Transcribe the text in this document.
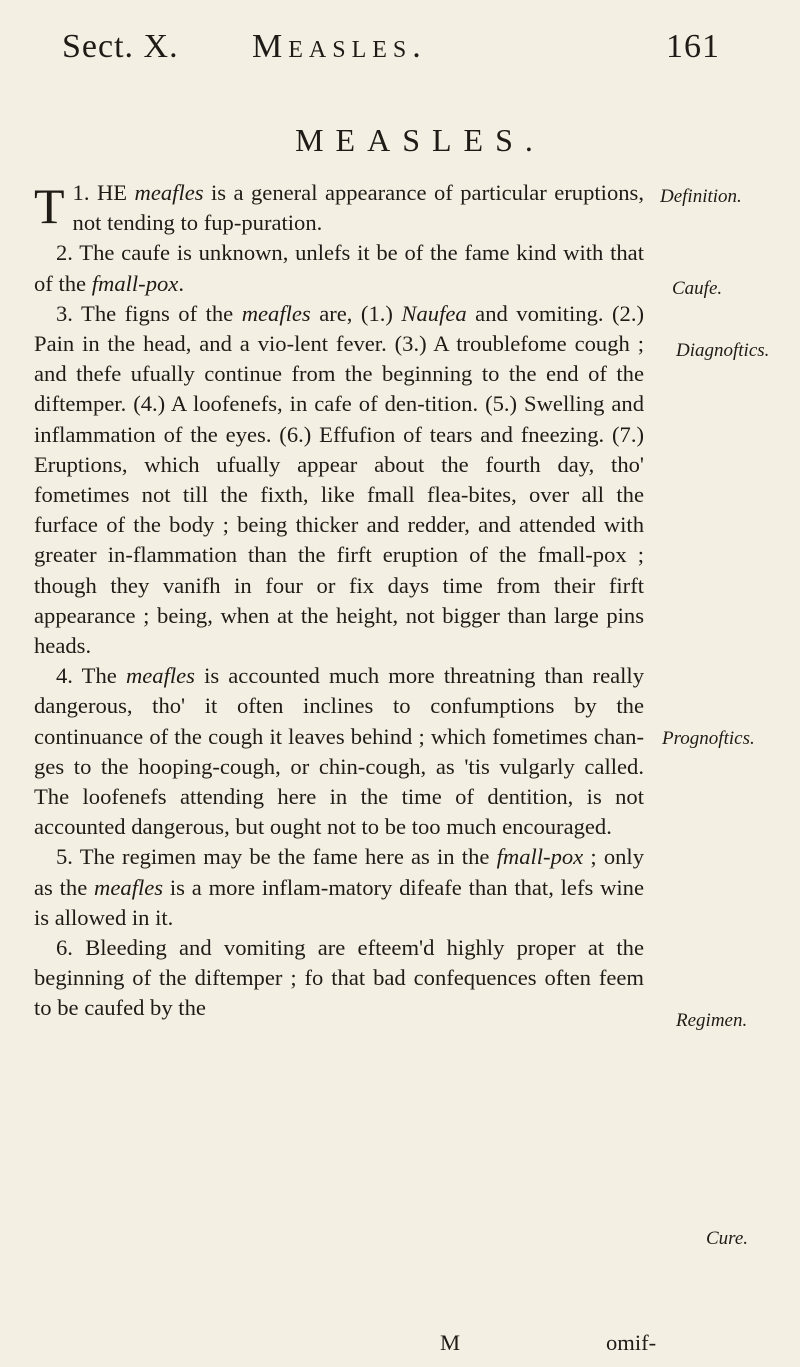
Sect. X. Measles.	161
MEASLES.

1.
T HE meafles is a general appearance of particular eruptions, not tending to fup-puration.

2. The caufe is unknown, unlefs it be of the fame kind with that of the fmall-pox.

3. The figns of the meafles are, (1.) Naufea and vomiting. (2.) Pain in the head, and a vio-lent fever. (3.) A troublefome cough ; and thefe ufually continue from the beginning to the end of the diftemper. (4.) A loofenefs, in cafe of den-tition. (5.) Swelling and inflammation of the eyes. (6.) Effufion of tears and fneezing. (7.) Eruptions, which ufually appear about the fourth day, tho' fometimes not till the fixth, like fmall flea-bites, over all the furface of the body ; being thicker and redder, and attended with greater in-flammation than the firft eruption of the fmall-pox ; though they vanifh in four or fix days time from their firft appearance ; being, when at the height, not bigger than large pins heads.

4. The meafles is accounted much more threatning than really dangerous, tho' it often inclines to confumptions by the continuance of the cough it leaves behind ; which fometimes chan-ges to the hooping-cough, or chin-cough, as 'tis vulgarly called. The loofenefs attending here in the time of dentition, is not accounted dangerous, but ought not to be too much encouraged.

5. The regimen may be the fame here as in the fmall-pox ; only as the meafles is a more inflam-matory difeafe than that, lefs wine is allowed in it.

6. Bleeding and vomiting are efteem'd highly proper at the beginning of the diftemper ; fo that bad confequences often feem to be caufed by the

Definition.
Caufe.
Diagnoftics.
Prognoftics.
Regimen.
Cure.
M	omif-
